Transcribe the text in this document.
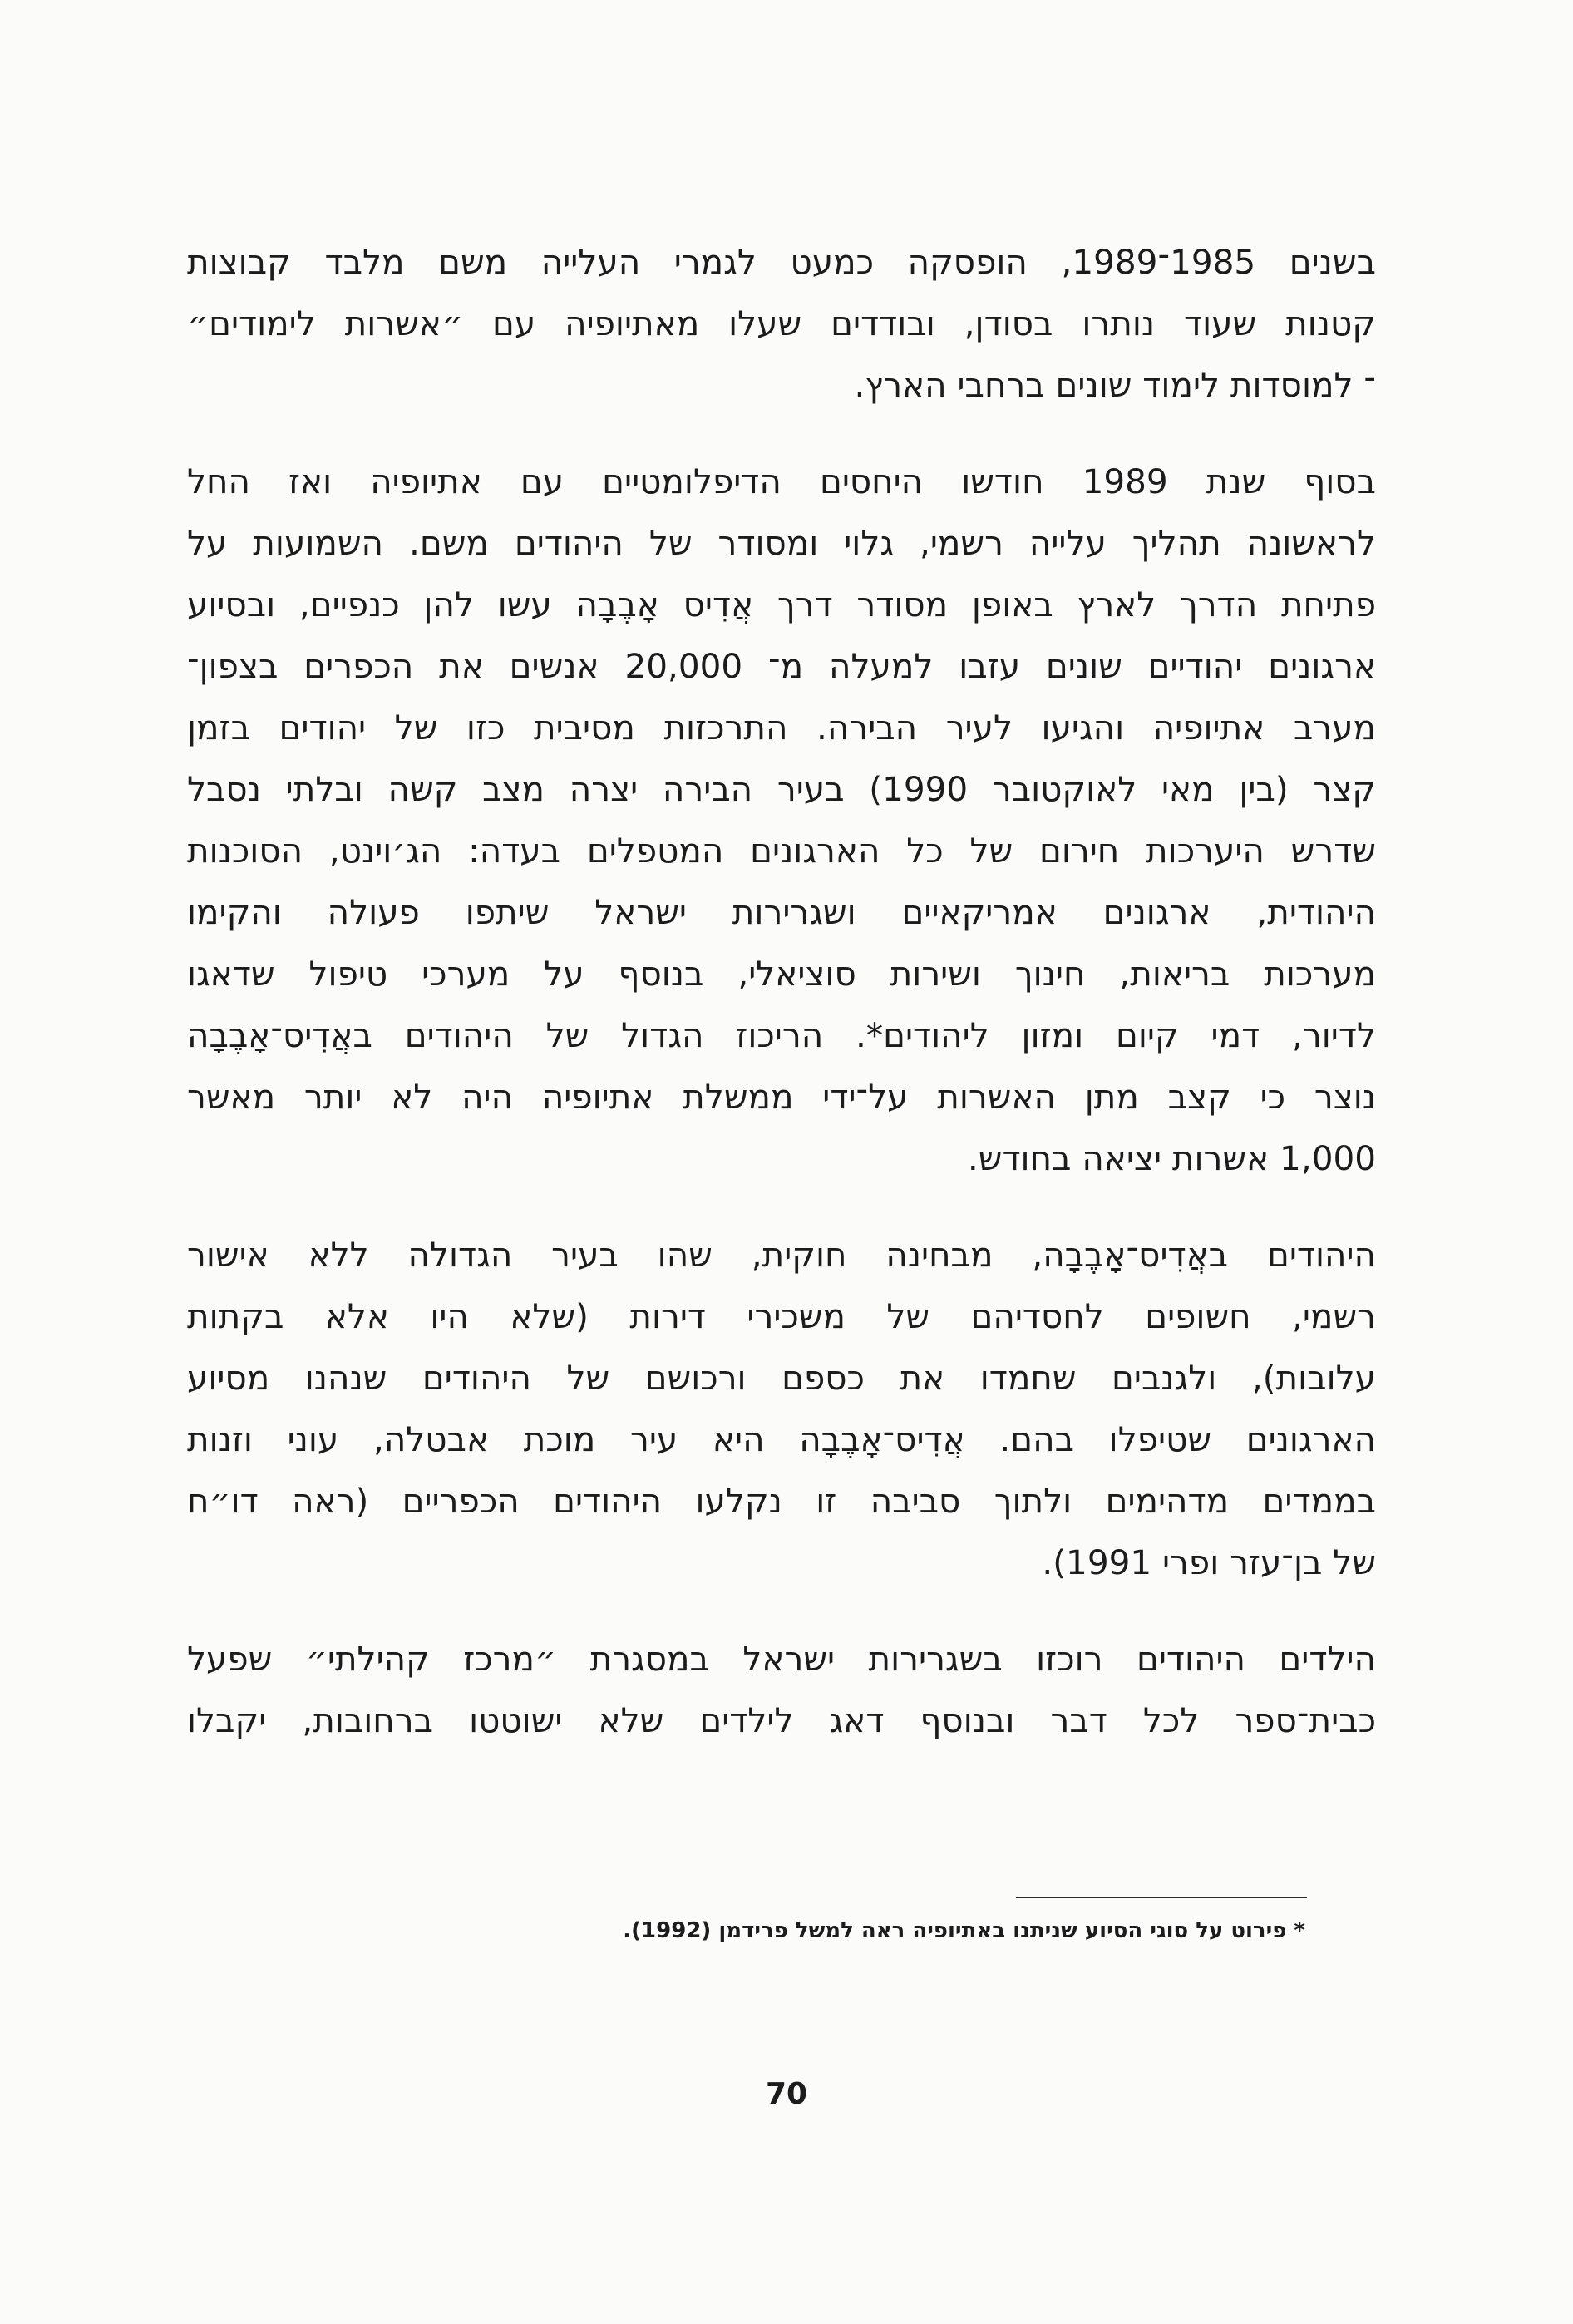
בשנים 1985־1989, הופסקה כמעט לגמרי העלייה משם מלבד קבוצות
קטנות שעוד נותרו בסודן, ובודדים שעלו מאתיופיה עם ״אשרות לימודים״
־ למוסדות לימוד שונים ברחבי הארץ.

בסוף שנת 1989 חודשו היחסים הדיפלומטיים עם אתיופיה ואז החל
לראשונה תהליך עלייה רשמי, גלוי ומסודר של היהודים משם. השמועות על
פתיחת הדרך לארץ באופן מסודר דרך אֲדִיס אָבֶבָה עשו להן כנפיים, ובסיוע
ארגונים יהודיים שונים עזבו למעלה מ־ 20,000 אנשים את הכפרים בצפון־
מערב אתיופיה והגיעו לעיר הבירה. התרכזות מסיבית כזו של יהודים בזמן
קצר (בין מאי לאוקטובר 1990) בעיר הבירה יצרה מצב קשה ובלתי נסבל
שדרש היערכות חירום של כל הארגונים המטפלים בעדה: הג׳וינט, הסוכנות
היהודית, ארגונים אמריקאיים ושגרירות ישראל שיתפו פעולה והקימו
מערכות בריאות, חינוך ושירות סוציאלי, בנוסף על מערכי טיפול שדאגו
לדיור, דמי קיום ומזון ליהודים*. הריכוז הגדול של היהודים באֲדִיס־אָבֶבָה
נוצר כי קצב מתן האשרות על־ידי ממשלת אתיופיה היה לא יותר מאשר
1,000 אשרות יציאה בחודש.

היהודים באֲדִיס־אָבֶבָה, מבחינה חוקית, שהו בעיר הגדולה ללא אישור
רשמי, חשופים לחסדיהם של משכירי דירות (שלא היו אלא בקתות
עלובות), ולגנבים שחמדו את כספם ורכושם של היהודים שנהנו מסיוע
הארגונים שטיפלו בהם. אֲדִיס־אָבֶבָה היא עיר מוכת אבטלה, עוני וזנות
בממדים מדהימים ולתוך סביבה זו נקלעו היהודים הכפריים (ראה דו״ח
של בן־עזר ופרי 1991).

הילדים היהודים רוכזו בשגרירות ישראל במסגרת ״מרכז קהילתי״ שפעל
כבית־ספר לכל דבר ובנוסף דאג לילדים שלא ישוטטו ברחובות, יקבלו

* פירוט על סוגי הסיוע שניתנו באתיופיה ראה למשל פרידמן (1992).
70
